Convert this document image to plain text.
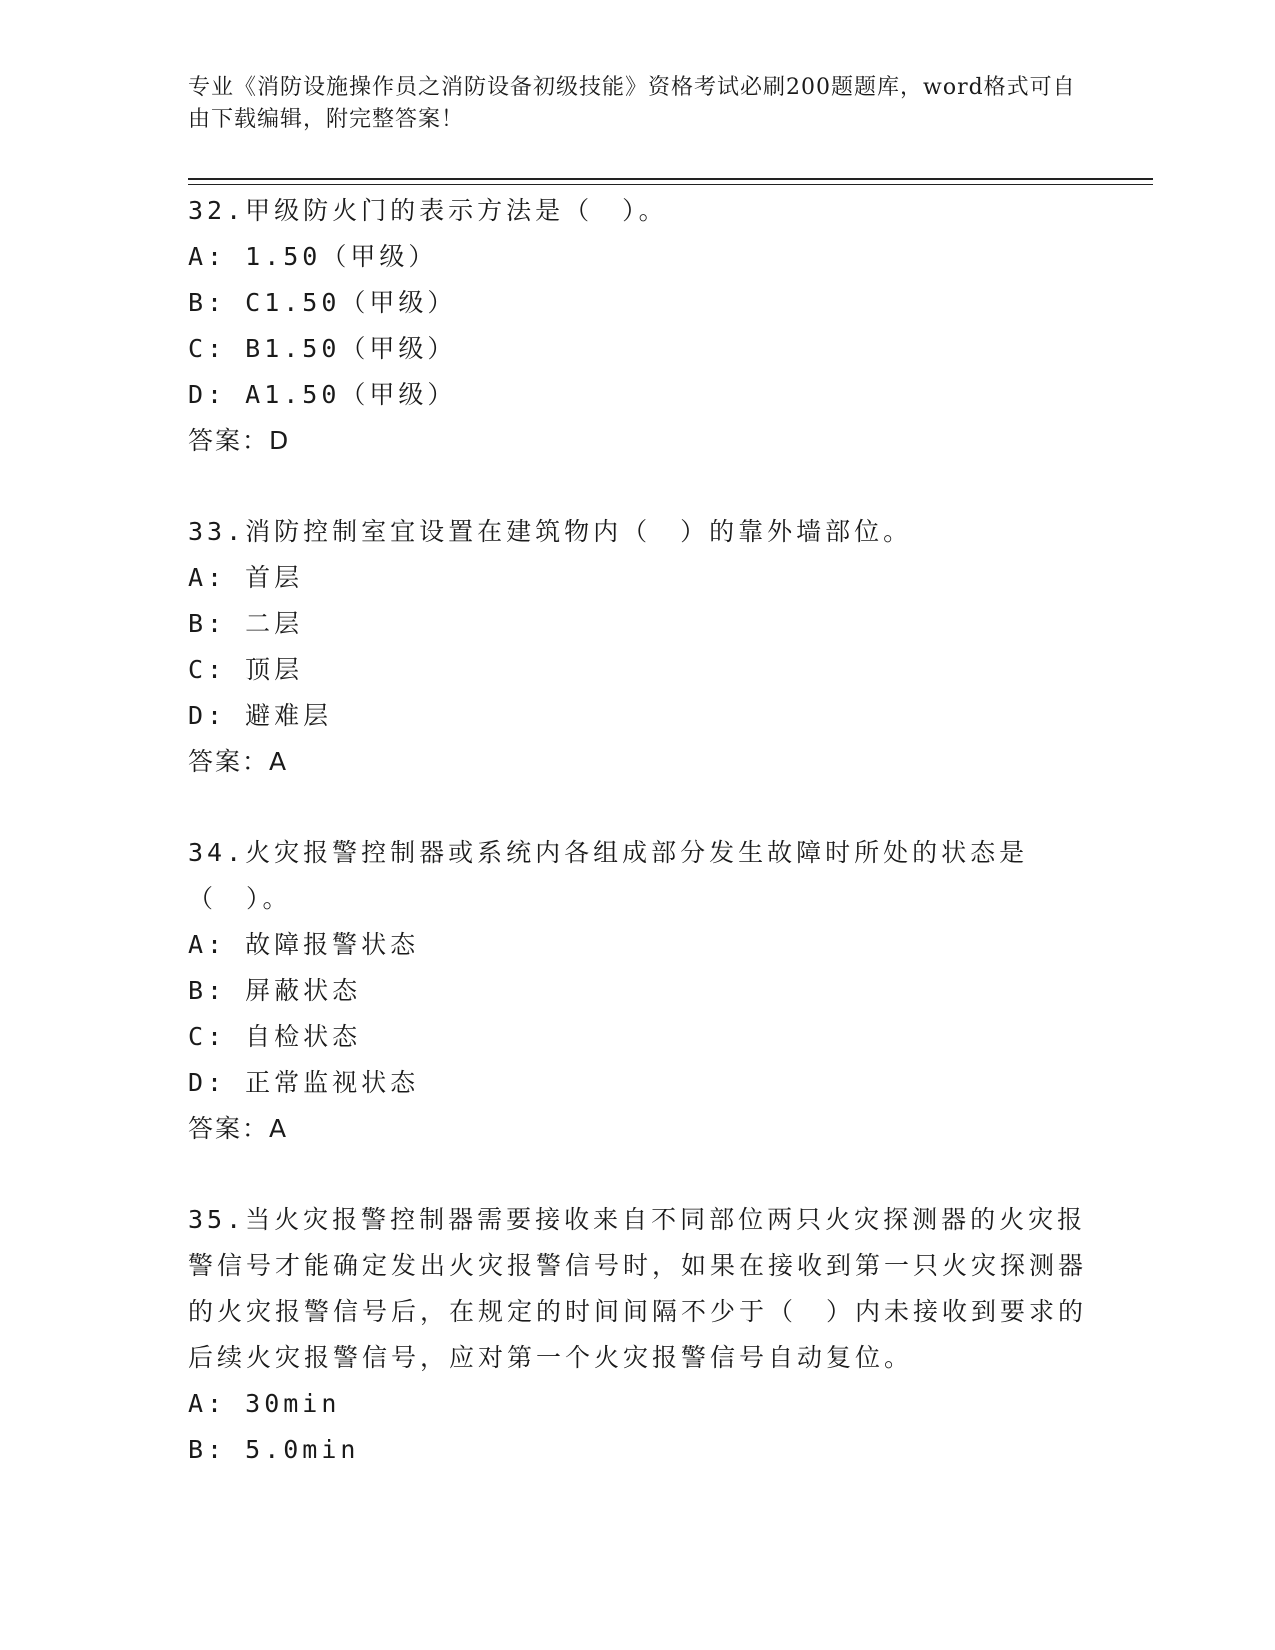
专业《消防设施操作员之消防设备初级技能》资格考试必刷200题题库，word格式可自由下载编辑，附完整答案！
32.甲级防火门的表示方法是（　）。
A: 1.50（甲级）
B: C1.50（甲级）
C: B1.50（甲级）
D: A1.50（甲级）
答案：D
33.消防控制室宜设置在建筑物内（　）的靠外墙部位。
A: 首层
B: 二层
C: 顶层
D: 避难层
答案：A
34.火灾报警控制器或系统内各组成部分发生故障时所处的状态是（　）。
A: 故障报警状态
B: 屏蔽状态
C: 自检状态
D: 正常监视状态
答案：A
35.当火灾报警控制器需要接收来自不同部位两只火灾探测器的火灾报警信号才能确定发出火灾报警信号时，如果在接收到第一只火灾探测器的火灾报警信号后，在规定的时间间隔不少于（　）内未接收到要求的后续火灾报警信号，应对第一个火灾报警信号自动复位。
A: 30min
B: 5.0min
